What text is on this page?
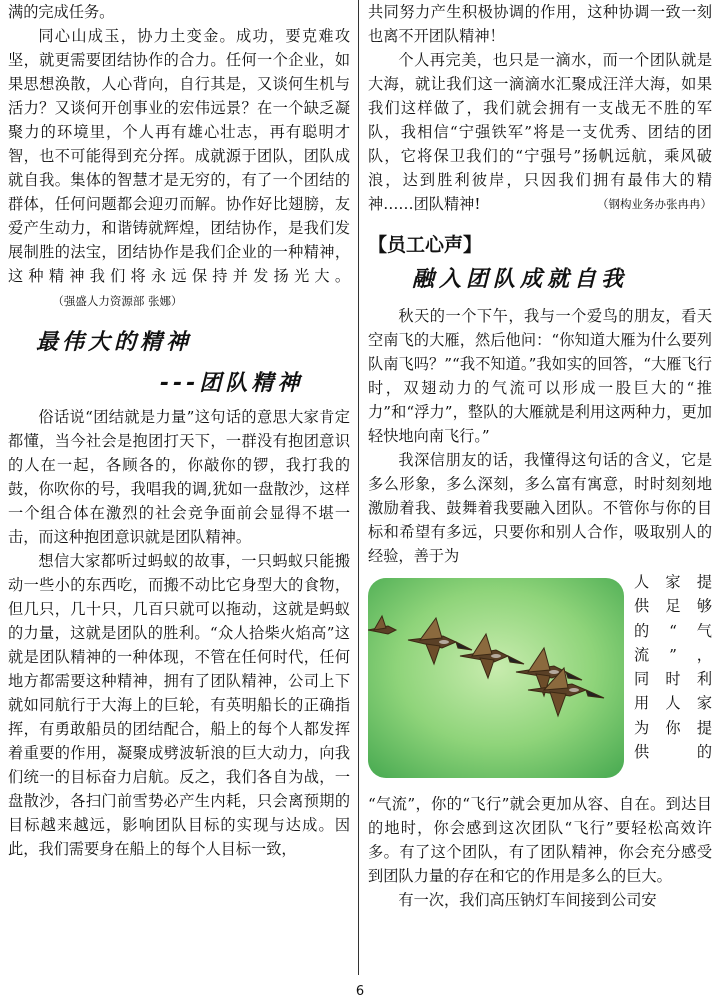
满的完成任务。

同心山成玉，协力土变金。成功，要克难攻坚，就更需要团结协作的合力。任何一个企业，如果思想涣散，人心背向，自行其是，又谈何生机与活力？又谈何开创事业的宏伟远景？在一个缺乏凝聚力的环境里，个人再有雄心壮志，再有聪明才智，也不可能得到充分挥。成就源于团队，团队成就自我。集体的智慧才是无穷的，有了一个团结的群体，任何问题都会迎刃而解。协作好比翅膀，友爱产生动力，和谐铸就辉煌，团结协作，是我们发展制胜的法宝，团结协作是我们企业的一种精神，这种精神我们将永远保持并发扬光大。（强盛人力资源部 张娜）

最伟大的精神
---团队精神

俗话说“团结就是力量”这句话的意思大家肯定都懂，当今社会是抱团打天下，一群没有抱团意识的人在一起，各顾各的，你敲你的锣，我打我的鼓，你吹你的号，我唱我的调,犹如一盘散沙，这样一个组合体在激烈的社会竞争面前会显得不堪一击，而这种抱团意识就是团队精神。

想信大家都听过蚂蚁的故事，一只蚂蚁只能搬动一些小的东西吃，而搬不动比它身型大的食物，但几只，几十只，几百只就可以拖动，这就是蚂蚁的力量，这就是团队的胜利。“众人拾柴火焰高”这就是团队精神的一种体现，不管在任何时代，任何地方都需要这种精神，拥有了团队精神，公司上下就如同航行于大海上的巨轮，有英明船长的正确指挥，有勇敢船员的团结配合，船上的每个人都发挥着重要的作用，凝聚成劈波斩浪的巨大动力，向我们统一的目标奋力启航。反之，我们各自为战，一盘散沙，各扫门前雪势必产生内耗，只会离预期的目标越来越远，影响团队目标的实现与达成。因此，我们需要身在船上的每个人目标一致，

共同努力产生积极协调的作用，这种协调一致一刻也离不开团队精神！

个人再完美，也只是一滴水，而一个团队就是大海，就让我们这一滴滴水汇聚成汪洋大海，如果我们这样做了，我们就会拥有一支战无不胜的军队，我相信“宁强铁军”将是一支优秀、团结的团队，它将保卫我们的“宁强号”扬帆远航，乘风破浪，达到胜利彼岸，只因我们拥有最伟大的精神……团队精神!	（钢构业务办张冉冉）

【员工心声】
融入团队成就自我

秋天的一个下午，我与一个爱鸟的朋友，看天空南飞的大雁，然后他问：“你知道大雁为什么要列队南飞吗？”“我不知道。”我如实的回答，“大雁飞行时，双翅动力的气流可以形成一股巨大的“推力”和“浮力”，整队的大雁就是利用这两种力，更加轻快地向南飞行。”

我深信朋友的话，我懂得这句话的含义，它是多么形象，多么深刻，多么富有寓意，时时刻刻地激励着我、鼓舞着我要融入团队。不管你与你的目标和希望有多远，只要你和别人合作，吸取别人的经验，善于为

人家提
供足够
的“气
流”，
同时利
用人家
为你提
供的

“气流”，你的“飞行”就会更加从容、自在。到达目的地时，你会感到这次团队“飞行”要轻松高效许多。有了这个团队，有了团队精神，你会充分感受到团队力量的存在和它的作用是多么的巨大。

有一次，我们高压钠灯车间接到公司安

6
